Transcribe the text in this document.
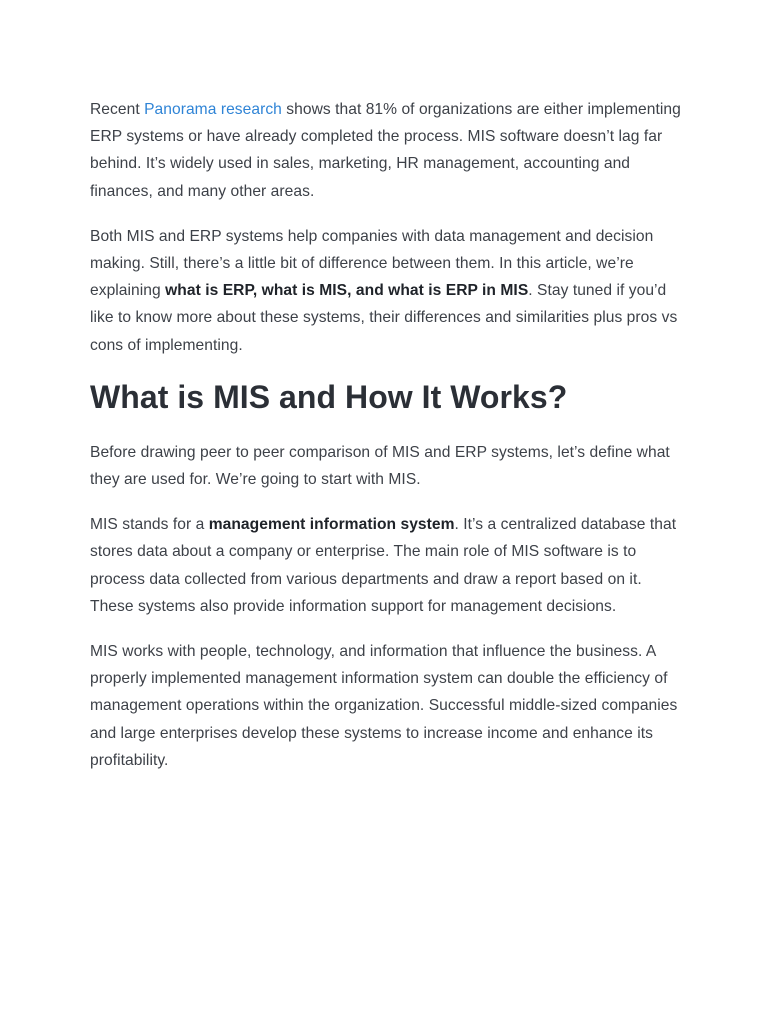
Recent Panorama research shows that 81% of organizations are either implementing ERP systems or have already completed the process. MIS software doesn’t lag far behind. It’s widely used in sales, marketing, HR management, accounting and finances, and many other areas.

Both MIS and ERP systems help companies with data management and decision making. Still, there’s a little bit of difference between them. In this article, we’re explaining what is ERP, what is MIS, and what is ERP in MIS. Stay tuned if you’d like to know more about these systems, their differences and similarities plus pros vs cons of implementing.

What is MIS and How It Works?

Before drawing peer to peer comparison of MIS and ERP systems, let’s define what they are used for. We’re going to start with MIS.

MIS stands for a management information system. It’s a centralized database that stores data about a company or enterprise. The main role of MIS software is to process data collected from various departments and draw a report based on it. These systems also provide information support for management decisions.

MIS works with people, technology, and information that influence the business. A properly implemented management information system can double the efficiency of management operations within the organization. Successful middle-sized companies and large enterprises develop these systems to increase income and enhance its profitability.
